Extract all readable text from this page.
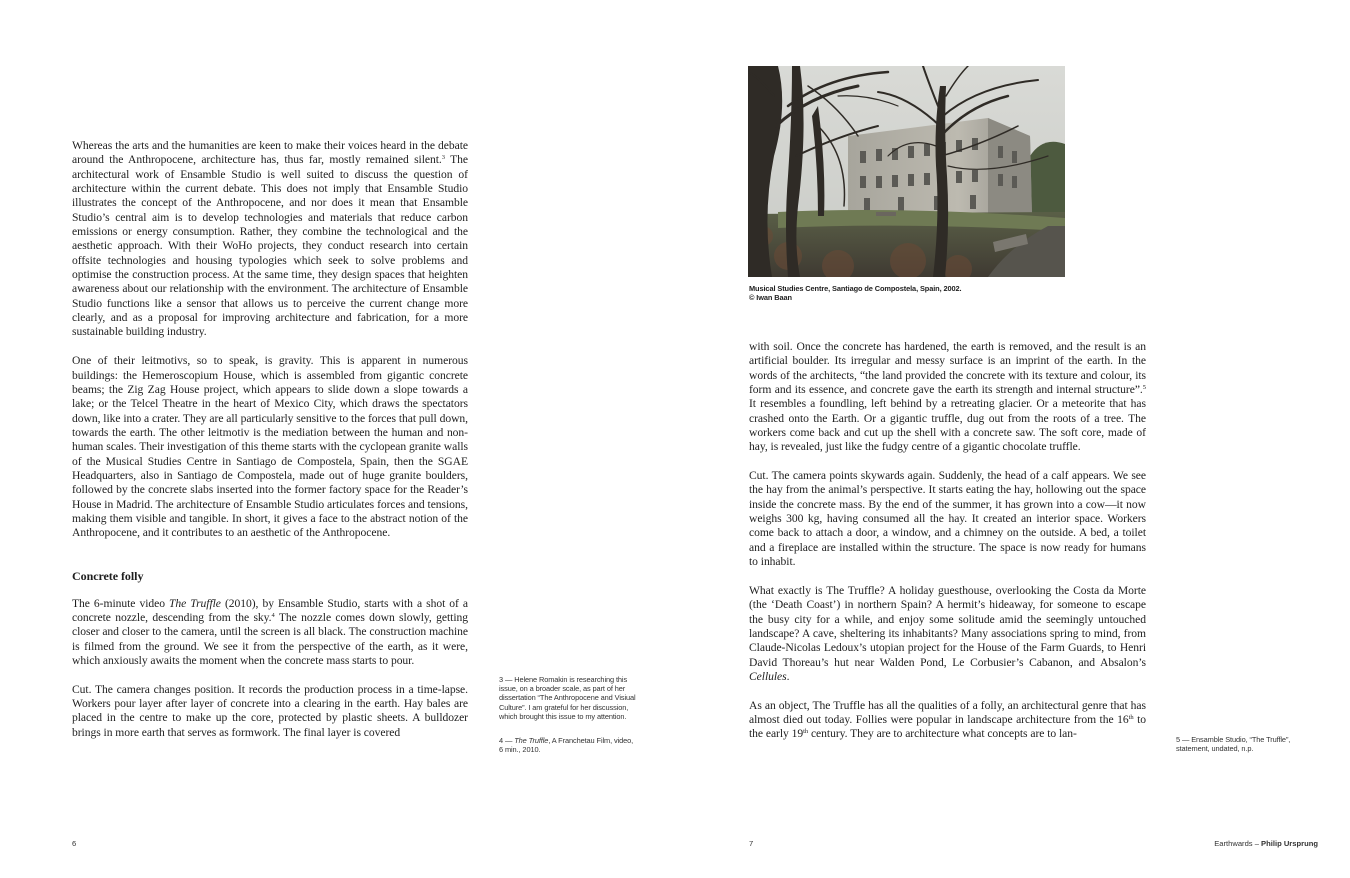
Whereas the arts and the humanities are keen to make their voices heard in the debate around the Anthropocene, architecture has, thus far, mostly remained silent.$^3$ The architectural work of Ensamble Studio is well suited to discuss the question of architecture within the current debate. This does not imply that Ensamble Studio illustrates the concept of the Anthropocene, and nor does it mean that Ensamble Studio’s central aim is to develop technologies and materials that reduce carbon emissions or energy consumption. Rather, they combine the technological and the aesthetic approach. With their WoHo projects, they conduct research into certain offsite technologies and housing typologies which seek to solve problems and optimise the construction process. At the same time, they design spaces that heighten awareness about our relationship with the environment. The architecture of Ensamble Studio functions like a sensor that allows us to perceive the current change more clearly, and as a proposal for improving architecture and fabrication, for a more sustainable building industry.

One of their leitmotivs, so to speak, is gravity. This is apparent in numerous buildings: the Hemeroscopium House, which is assembled from gigantic concrete beams; the Zig Zag House project, which appears to slide down a slope towards a lake; or the Telcel Theatre in the heart of Mexico City, which draws the spectators down, like into a crater. They are all particularly sensitive to the forces that pull down, towards the earth. The other leitmotiv is the mediation between the human and non-human scales. Their investigation of this theme starts with the cyclopean granite walls of the Musical Studies Centre in Santiago de Compostela, Spain, then the SGAE Headquarters, also in Santiago de Compostela, made out of huge granite boulders, followed by the concrete slabs inserted into the former factory space for the Reader’s House in Madrid. The architecture of Ensamble Studio articulates forces and tensions, making them visible and tangible. In short, it gives a face to the abstract notion of the Anthropocene, and it contributes to an aesthetic of the Anthropocene.

Concrete folly

The 6-minute video The Truffle (2010), by Ensamble Studio, starts with a shot of a concrete nozzle, descending from the sky.$^4$ The nozzle comes down slowly, getting closer and closer to the camera, until the screen is all black. The construction machine is filmed from the ground. We see it from the perspective of the earth, as it were, which anxiously awaits the moment when the concrete mass starts to pour.

Cut. The camera changes position. It records the production process in a time-lapse. Workers pour layer after layer of concrete into a clearing in the earth. Hay bales are placed in the centre to make up the core, protected by plastic sheets. A bulldozer brings in more earth that serves as formwork. The final layer is covered

3 — Helene Romakin is researching this issue, on a broader scale, as part of her dissertation “The Anthropocene and Visiual Culture”. I am grateful for her discussion, which brought this issue to my attention.
4 — The Truffle, A Franchetau Film, video, 6 min., 2010.
6
Musical Studies Centre, Santiago de Compostela, Spain, 2002.
© Iwan Baan

with soil. Once the concrete has hardened, the earth is removed, and the result is an artificial boulder. Its irregular and messy surface is an imprint of the earth. In the words of the architects, “the land provided the concrete with its texture and colour, its form and its essence, and concrete gave the earth its strength and internal structure”.$^5$ It resembles a foundling, left behind by a retreating glacier. Or a meteorite that has crashed onto the Earth. Or a gigantic truffle, dug out from the roots of a tree. The workers come back and cut up the shell with a concrete saw. The soft core, made of hay, is revealed, just like the fudgy centre of a gigantic chocolate truffle.

Cut. The camera points skywards again. Suddenly, the head of a calf appears. We see the hay from the animal’s perspective. It starts eating the hay, hollowing out the space inside the concrete mass. By the end of the summer, it has grown into a cow—it now weighs 300 kg, having consumed all the hay. It created an interior space. Workers come back to attach a door, a window, and a chimney on the outside. A bed, a toilet and a fireplace are installed within the structure. The space is now ready for humans to inhabit.

What exactly is The Truffle? A holiday guesthouse, overlooking the Costa da Morte (the ‘Death Coast’) in northern Spain? A hermit’s hideaway, for someone to escape the busy city for a while, and enjoy some solitude amid the seemingly untouched landscape? A cave, sheltering its inhabitants? Many associations spring to mind, from Claude-Nicolas Ledoux’s utopian project for the House of the Farm Guards, to Henri David Thoreau’s hut near Walden Pond, Le Corbusier’s Cabanon, and Absalon’s Cellules.

As an object, The Truffle has all the qualities of a folly, an architectural genre that has almost died out today. Follies were popular in landscape architecture from the 16th to the early 19th century. They are to architecture what concepts are to lan-	5 — Ensamble Studio, “The Truffle”, statement, undated, n.p.
7	Earthwards – Philip Ursprung
